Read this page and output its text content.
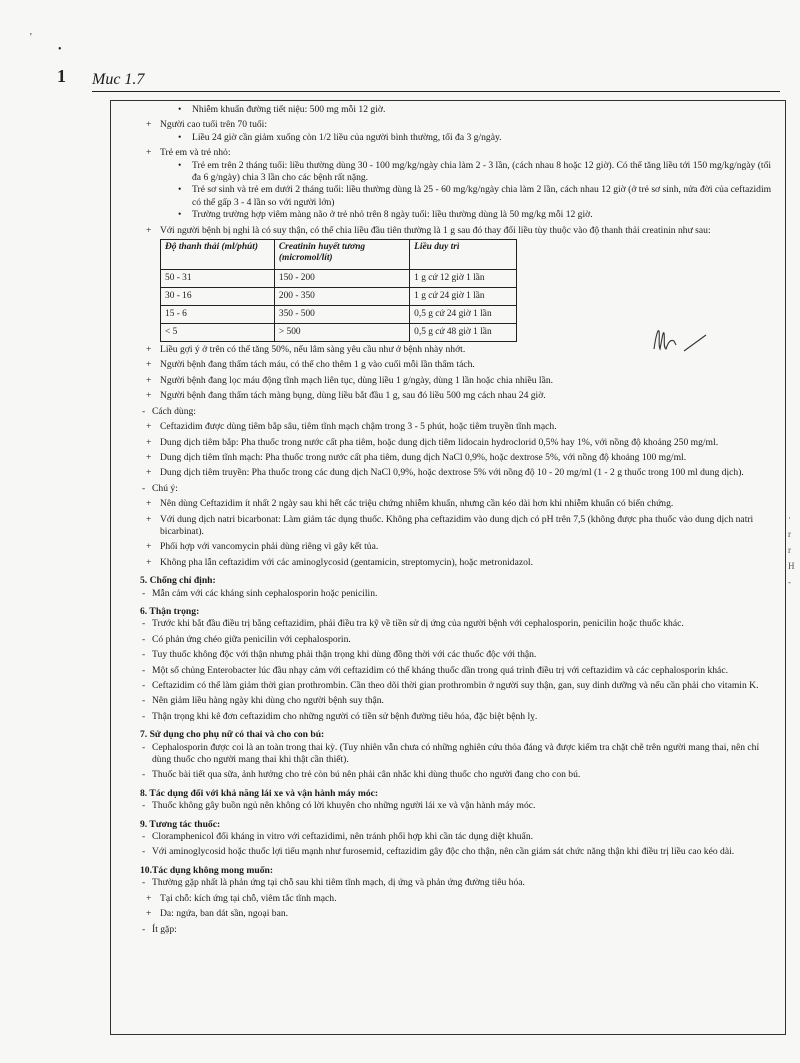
'
•
1 Muc 1.7
• Nhiễm khuẩn đường tiết niệu: 500 mg mỗi 12 giờ.
+ Người cao tuổi trên 70 tuổi:
• Liều 24 giờ cần giảm xuống còn 1/2 liều của người bình thường, tối đa 3 g/ngày.
+ Trẻ em và trẻ nhỏ:
• Trẻ em trên 2 tháng tuổi: liều thường dùng 30 - 100 mg/kg/ngày chia làm 2 - 3 lần, (cách nhau 8 hoặc 12 giờ). Có thể tăng liều tới 150 mg/kg/ngày (tối đa 6 g/ngày) chia 3 lần cho các bệnh rất nặng.
• Trẻ sơ sinh và trẻ em dưới 2 tháng tuổi: liều thường dùng là 25 - 60 mg/kg/ngày chia làm 2 lần, cách nhau 12 giờ (ở trẻ sơ sinh, nửa đời của ceftazidim có thể gấp 3 - 4 lần so với người lớn)
• Trường trường hợp viêm màng não ở trẻ nhỏ trên 8 ngày tuổi: liều thường dùng là 50 mg/kg mỗi 12 giờ.
+ Với người bệnh bị nghi là có suy thận, có thể chia liều đầu tiên thường là 1 g sau đó thay đổi liều tùy thuộc vào độ thanh thải creatinin như sau:
Độ thanh thải (ml/phút)	Creatinin huyết tương (micromol/lít)	Liều duy trì
50 - 31	150 - 200	1 g cứ 12 giờ 1 lần
30 - 16	200 - 350	1 g cứ 24 giờ 1 lần
15 - 6	350 - 500	0,5 g cứ 24 giờ 1 lần
< 5	> 500	0,5 g cứ 48 giờ 1 lần
+ Liều gợi ý ở trên có thể tăng 50%, nếu lâm sàng yêu cầu như ở bệnh nhày nhớt.
+ Người bệnh đang thẩm tách máu, có thể cho thêm 1 g vào cuối mỗi lần thẩm tách.
+ Người bệnh đang lọc máu động tĩnh mạch liên tục, dùng liều 1 g/ngày, dùng 1 lần hoặc chia nhiều lần.
+ Người bệnh đang thẩm tách màng bụng, dùng liều bắt đầu 1 g, sau đó liều 500 mg cách nhau 24 giờ.
- Cách dùng:
+ Ceftazidim được dùng tiêm bắp sâu, tiêm tĩnh mạch chậm trong 3 - 5 phút, hoặc tiêm truyền tĩnh mạch.
+ Dung dịch tiêm bắp: Pha thuốc trong nước cất pha tiêm, hoặc dung dịch tiêm lidocain hydroclorid 0,5% hay 1%, với nồng độ khoảng 250 mg/ml.
+ Dung dịch tiêm tĩnh mạch: Pha thuốc trong nước cất pha tiêm, dung dịch NaCl 0,9%, hoặc dextrose 5%, với nồng độ khoảng 100 mg/ml.
+ Dung dịch tiêm truyền: Pha thuốc trong các dung dịch NaCl 0,9%, hoặc dextrose 5% với nồng độ 10 - 20 mg/ml (1 - 2 g thuốc trong 100 ml dung dịch).
- Chú ý:
+ Nên dùng Ceftazidim ít nhất 2 ngày sau khi hết các triệu chứng nhiễm khuẩn, nhưng cần kéo dài hơn khi nhiễm khuẩn có biến chứng.
+ Với dung dịch natri bicarbonat: Làm giảm tác dụng thuốc. Không pha ceftazidim vào dung dịch có pH trên 7,5 (không được pha thuốc vào dung dịch natri bicarbinat).
+ Phối hợp với vancomycin phải dùng riêng vì gây kết tủa.
+ Không pha lẫn ceftazidim với các aminoglycosid (gentamicin, streptomycin), hoặc metronidazol.
5. Chống chỉ định:
- Mẫn cảm với các kháng sinh cephalosporin hoặc penicilin.
6. Thận trọng:
- Trước khi bắt đầu điều trị bằng ceftazidim, phải điều tra kỹ về tiền sử dị ứng của người bệnh với cephalosporin, penicilin hoặc thuốc khác.
- Có phản ứng chéo giữa penicilin với cephalosporin.
- Tuy thuốc không độc với thận nhưng phải thận trọng khi dùng đồng thời với các thuốc độc với thận.
- Một số chủng Enterobacter lúc đầu nhạy cảm với ceftazidim có thể kháng thuốc dần trong quá trình điều trị với ceftazidim và các cephalosporin khác.
- Ceftazidim có thể làm giảm thời gian prothrombin. Cần theo dõi thời gian prothrombin ở người suy thận, gan, suy dinh dưỡng và nếu cần phải cho vitamin K.
- Nên giảm liều hàng ngày khi dùng cho người bệnh suy thận.
- Thận trọng khi kê đơn ceftazidim cho những người có tiền sử bệnh đường tiêu hóa, đặc biệt bệnh lỵ.
7. Sử dụng cho phụ nữ có thai và cho con bú:
- Cephalosporin được coi là an toàn trong thai kỳ. (Tuy nhiên vẫn chưa có những nghiên cứu thỏa đáng và được kiểm tra chặt chẽ trên người mang thai, nên chỉ dùng thuốc cho người mang thai khi thật cần thiết).
- Thuốc bài tiết qua sữa, ảnh hưởng cho trẻ còn bú nên phải cân nhắc khi dùng thuốc cho người đang cho con bú.
8. Tác dụng đối với khả năng lái xe và vận hành máy móc:
- Thuốc không gây buồn ngủ nên không có lời khuyên cho những người lái xe và vận hành máy móc.
9. Tương tác thuốc:
- Cloramphenicol đối kháng in vitro với ceftazidimi, nên tránh phối hợp khi cần tác dụng diệt khuẩn.
- Với aminoglycosid hoặc thuốc lợi tiểu mạnh như furosemid, ceftazidim gây độc cho thận, nên cần giám sát chức năng thận khi điều trị liều cao kéo dài.
10.Tác dụng không mong muốn:
- Thường gặp nhất là phản ứng tại chỗ sau khi tiêm tĩnh mạch, dị ứng và phản ứng đường tiêu hóa.
+ Tại chỗ: kích ứng tại chỗ, viêm tắc tĩnh mạch.
+ Da: ngứa, ban dát sần, ngoại ban.
- Ít gặp:
·
r
r
H
-
